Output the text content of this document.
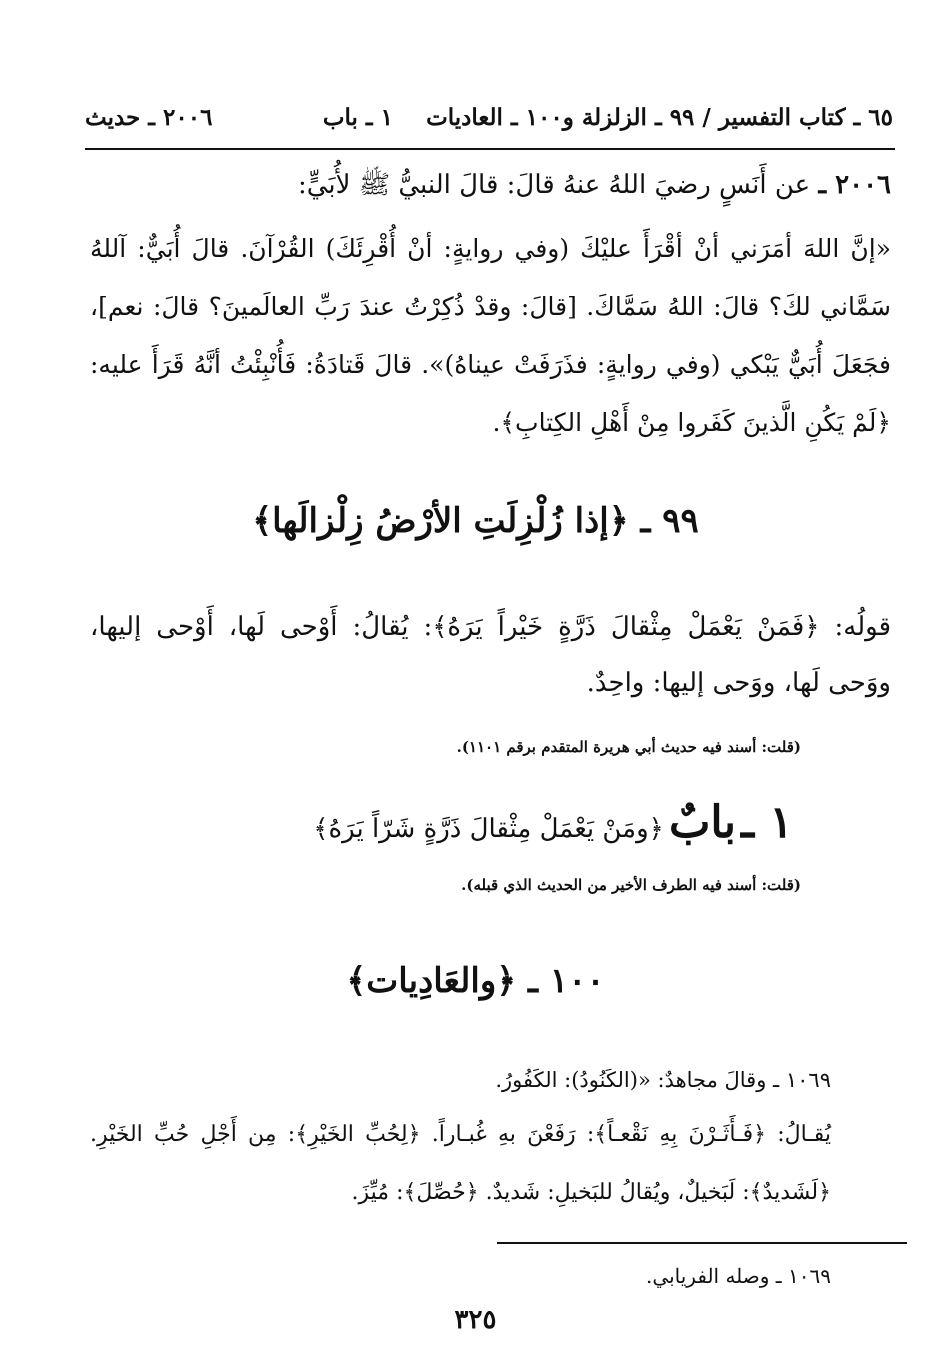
٦٥ ـ كتاب التفسير / ٩٩ ـ الزلزلة و١٠٠ ـ العاديات
١ ـ باب
٢٠٠٦ ـ حديث
٢٠٠٦ ـ عن أَنَسٍ رضيَ اللهُ عنهُ قالَ: قالَ النبيُّ ﷺ لأُبَيٍّ:
«إنَّ اللهَ أمَرَني أنْ أقْرَأَ عليْكَ (وفي روايةٍ: أنْ أُقْرِئَكَ) القُرْآنَ. قالَ أُبَيٌّ: آللهُ
سَمَّاني لكَ؟ قالَ: اللهُ سَمَّاكَ. [قالَ: وقدْ ذُكِرْتُ عندَ رَبِّ العالَمينَ؟ قالَ: نعم]،
فجَعَلَ أُبَيٌّ يَبْكي (وفي روايةٍ: فذَرَفَتْ عيناهُ)». قالَ قَتادَةُ: فَأُنْبِئْتُ أنَّهُ قَرَأَ عليه:
﴿لَمْ يَكُنِ الَّذينَ كَفَروا مِنْ أَهْلِ الكِتابِ﴾.
٩٩ ـ ﴿إذا زُلْزِلَتِ الأرْضُ زِلْزالَها﴾
قولُه: ﴿فَمَنْ يَعْمَلْ مِثْقالَ ذَرَّةٍ خَيْراً يَرَهُ﴾: يُقالُ: أَوْحى لَها، أَوْحى إليها،
ووَحى لَها، ووَحى إليها: واحِدٌ.
(قلت: أسند فيه حديث أبي هريرة المتقدم برقم ١١٠١).
١ ـ بابٌ ﴿ومَنْ يَعْمَلْ مِثْقالَ ذَرَّةٍ شَرّاً يَرَهُ﴾
(قلت: أسند فيه الطرف الأخير من الحديث الذي قبله).
١٠٠ ـ ﴿والعَادِيات﴾
١٠٦٩ ـ وقالَ مجاهدٌ: «(الكَنُودُ): الكَفُورُ.
يُقـالُ: ﴿فَـأَثَـرْنَ بِهِ نَقْعـاً﴾: رَفَعْنَ بهِ غُبـاراً. ﴿لِحُبِّ الخَيْرِ﴾: مِن أَجْلِ حُبِّ الخَيْرِ.
﴿لَشَديدٌ﴾: لَبَخيلٌ، ويُقالُ للبَخيلِ: شَديدٌ. ﴿حُصِّلَ﴾: مُيِّزَ.
١٠٦٩ ـ وصله الفريابي.
٣٢٥
